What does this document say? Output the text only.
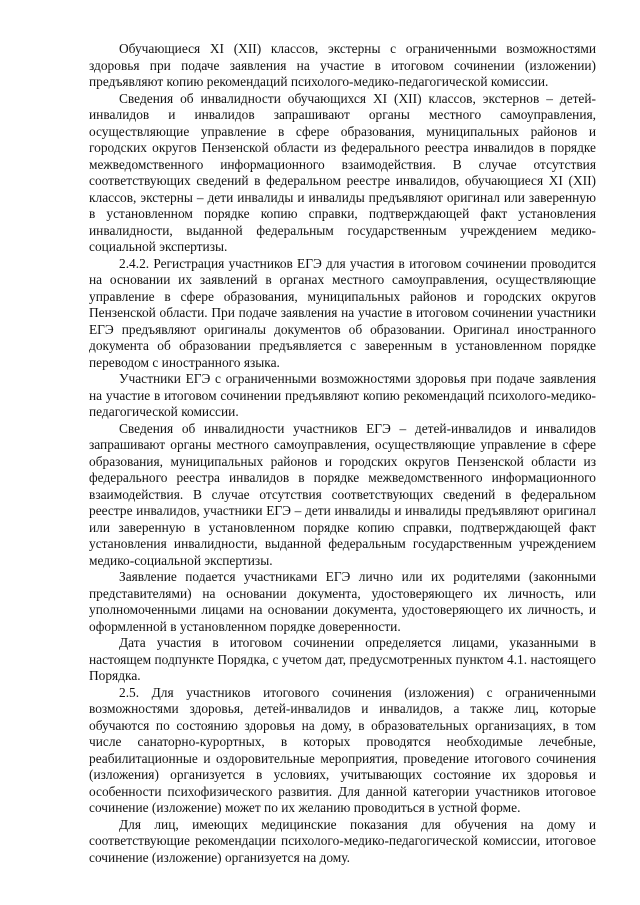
Обучающиеся XI (XII) классов, экстерны с ограниченными возможностями здоровья при подаче заявления на участие в итоговом сочинении (изложении) предъявляют копию рекомендаций психолого-медико-педагогической комиссии.

Сведения об инвалидности обучающихся XI (XII) классов, экстернов – детей-инвалидов и инвалидов запрашивают органы местного самоуправления, осуществляющие управление в сфере образования, муниципальных районов и городских округов Пензенской области из федерального реестра инвалидов в порядке межведомственного информационного взаимодействия. В случае отсутствия соответствующих сведений в федеральном реестре инвалидов, обучающиеся XI (XII) классов, экстерны – дети инвалиды и инвалиды предъявляют оригинал или заверенную в установленном порядке копию справки, подтверждающей факт установления инвалидности, выданной федеральным государственным учреждением медико-социальной экспертизы.

2.4.2. Регистрация участников ЕГЭ для участия в итоговом сочинении проводится на основании их заявлений в органах местного самоуправления, осуществляющие управление в сфере образования, муниципальных районов и городских округов Пензенской области. При подаче заявления на участие в итоговом сочинении участники ЕГЭ предъявляют оригиналы документов об образовании. Оригинал иностранного документа об образовании предъявляется с заверенным в установленном порядке переводом с иностранного языка.

Участники ЕГЭ с ограниченными возможностями здоровья при подаче заявления на участие в итоговом сочинении предъявляют копию рекомендаций психолого-медико-педагогической комиссии.

Сведения об инвалидности участников ЕГЭ – детей-инвалидов и инвалидов запрашивают органы местного самоуправления, осуществляющие управление в сфере образования, муниципальных районов и городских округов Пензенской области из федерального реестра инвалидов в порядке межведомственного информационного взаимодействия. В случае отсутствия соответствующих сведений в федеральном реестре инвалидов, участники ЕГЭ – дети инвалиды и инвалиды предъявляют оригинал или заверенную в установленном порядке копию справки, подтверждающей факт установления инвалидности, выданной федеральным государственным учреждением медико-социальной экспертизы.

Заявление подается участниками ЕГЭ лично или их родителями (законными представителями) на основании документа, удостоверяющего их личность, или уполномоченными лицами на основании документа, удостоверяющего их личность, и оформленной в установленном порядке доверенности.

Дата участия в итоговом сочинении определяется лицами, указанными в настоящем подпункте Порядка, с учетом дат, предусмотренных пунктом 4.1. настоящего Порядка.

2.5. Для участников итогового сочинения (изложения) с ограниченными возможностями здоровья, детей-инвалидов и инвалидов, а также лиц, которые обучаются по состоянию здоровья на дому, в образовательных организациях, в том числе санаторно-курортных, в которых проводятся необходимые лечебные, реабилитационные и оздоровительные мероприятия, проведение итогового сочинения (изложения) организуется в условиях, учитывающих состояние их здоровья и особенности психофизического развития. Для данной категории участников итоговое сочинение (изложение) может по их желанию проводиться в устной форме.

Для лиц, имеющих медицинские показания для обучения на дому и соответствующие рекомендации психолого-медико-педагогической комиссии, итоговое сочинение (изложение) организуется на дому.
